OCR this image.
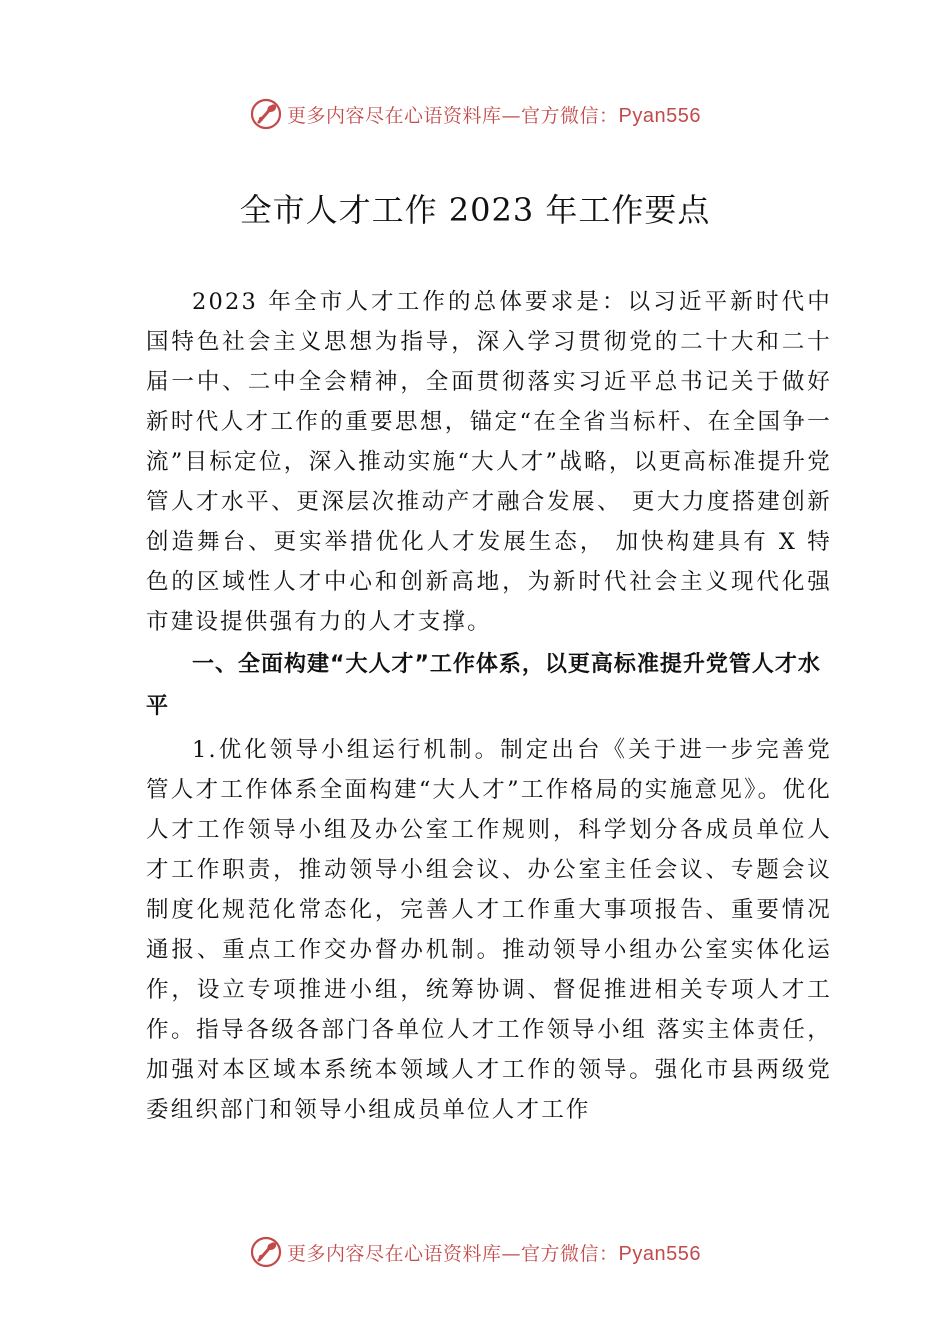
更多内容尽在心语资料库—官方微信：Pyan556
全市人才工作 2023 年工作要点

2023 年全市人才工作的总体要求是：以习近平新时代中国特色社会主义思想为指导，深入学习贯彻党的二十大和二十届一中、二中全会精神，全面贯彻落实习近平总书记关于做好新时代人才工作的重要思想，锚定“在全省当标杆、在全国争一流”目标定位，深入推动实施“大人才”战略，以更高标准提升党管人才水平、更深层次推动产才融合发展、 更大力度搭建创新创造舞台、更实举措优化人才发展生态， 加快构建具有 X 特色的区域性人才中心和创新高地，为新时代社会主义现代化强市建设提供强有力的人才支撑。

一、全面构建“大人才”工作体系，以更高标准提升党管人才水平

1.优化领导小组运行机制。制定出台《关于进一步完善党管人才工作体系全面构建“大人才”工作格局的实施意见》。优化人才工作领导小组及办公室工作规则，科学划分各成员单位人才工作职责，推动领导小组会议、办公室主任会议、专题会议制度化规范化常态化，完善人才工作重大事项报告、重要情况通报、重点工作交办督办机制。推动领导小组办公室实体化运作，设立专项推进小组，统筹协调、督促推进相关专项人才工作。指导各级各部门各单位人才工作领导小组 落实主体责任，加强对本区域本系统本领域人才工作的领导。强化市县两级党委组织部门和领导小组成员单位人才工作

更多内容尽在心语资料库—官方微信：Pyan556
